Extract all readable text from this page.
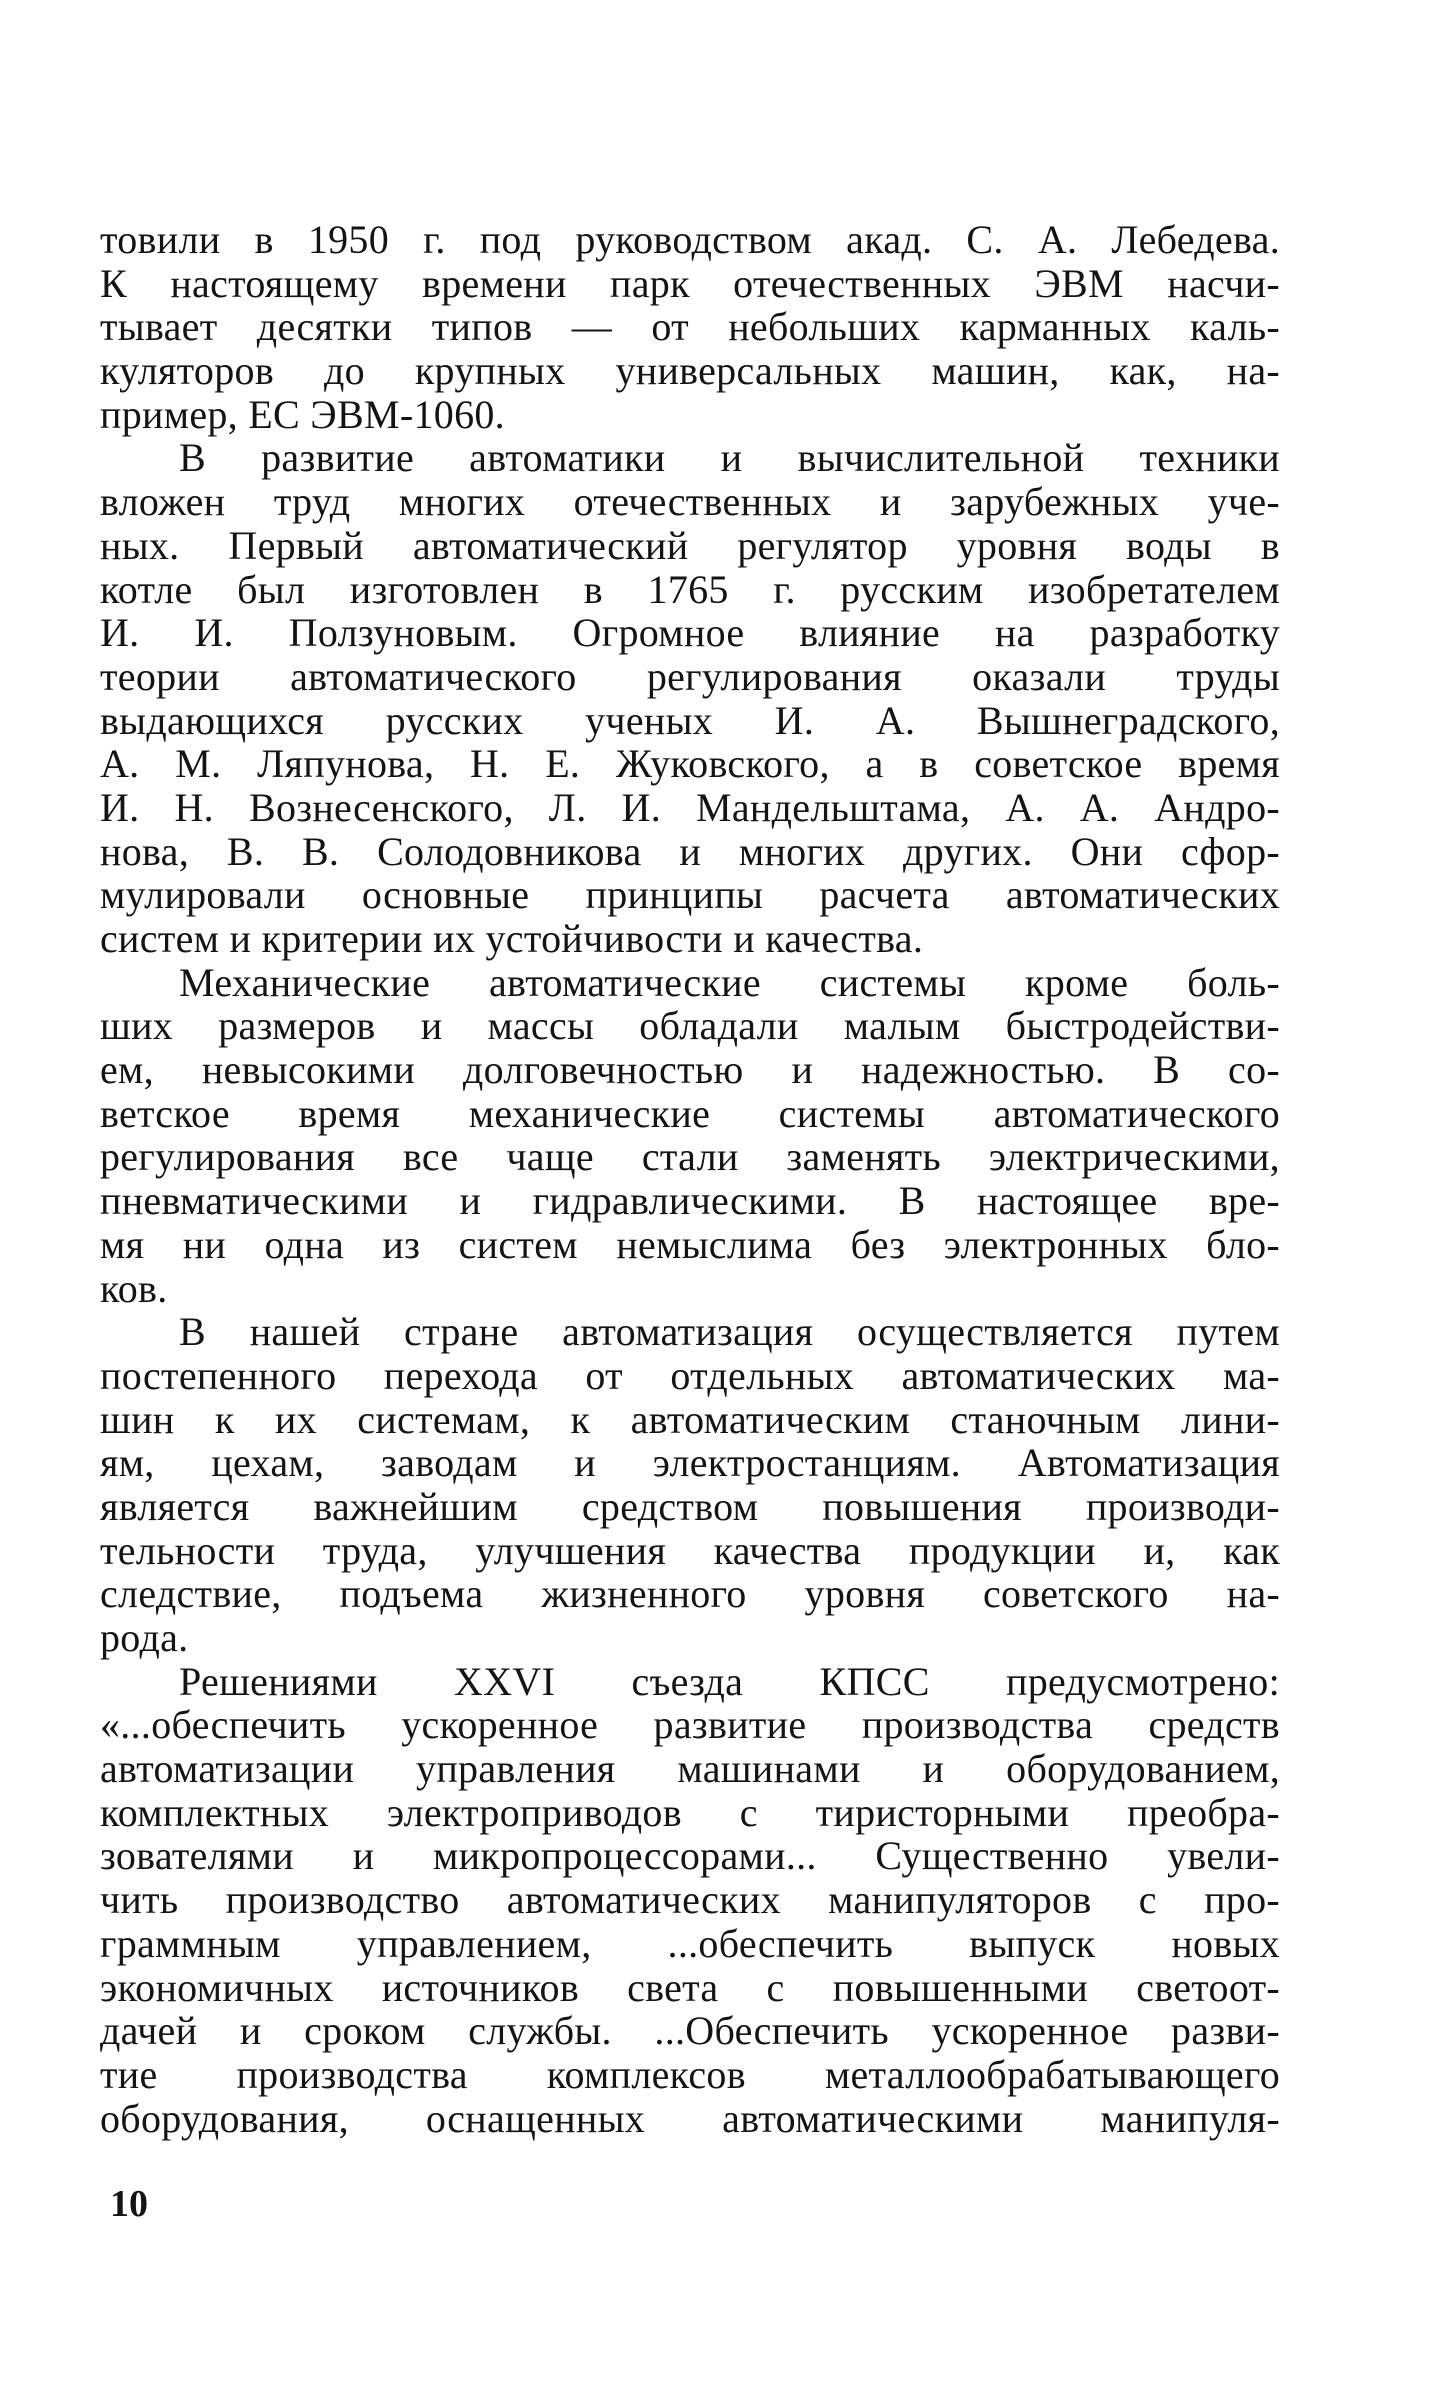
товили в 1950 г. под руководством акад. С. А. Лебедева.
К настоящему времени парк отечественных ЭВМ насчи-
тывает десятки типов — от небольших карманных каль-
куляторов до крупных универсальных машин, как, на-
пример, ЕС ЭВМ-1060.
В развитие автоматики и вычислительной техники
вложен труд многих отечественных и зарубежных уче-
ных. Первый автоматический регулятор уровня воды в
котле был изготовлен в 1765 г. русским изобретателем
И. И. Ползуновым. Огромное влияние на разработку
теории автоматического регулирования оказали труды
выдающихся русских ученых И. А. Вышнеградского,
А. М. Ляпунова, Н. Е. Жуковского, а в советское время
И. Н. Вознесенского, Л. И. Мандельштама, А. А. Андро-
нова, В. В. Солодовникова и многих других. Они сфор-
мулировали основные принципы расчета автоматических
систем и критерии их устойчивости и качества.
Механические автоматические системы кроме боль-
ших размеров и массы обладали малым быстродействи-
ем, невысокими долговечностью и надежностью. В со-
ветское время механические системы автоматического
регулирования все чаще стали заменять электрическими,
пневматическими и гидравлическими. В настоящее вре-
мя ни одна из систем немыслима без электронных бло-
ков.
В нашей стране автоматизация осуществляется путем
постепенного перехода от отдельных автоматических ма-
шин к их системам, к автоматическим станочным лини-
ям, цехам, заводам и электростанциям. Автоматизация
является важнейшим средством повышения производи-
тельности труда, улучшения качества продукции и, как
следствие, подъема жизненного уровня советского на-
рода.
Решениями XXVI съезда КПСС предусмотрено:
«...обеспечить ускоренное развитие производства средств
автоматизации управления машинами и оборудованием,
комплектных электроприводов с тиристорными преобра-
зователями и микропроцессорами... Существенно увели-
чить производство автоматических манипуляторов с про-
граммным управлением, ...обеспечить выпуск новых
экономичных источников света с повышенными светоот-
дачей и сроком службы. ...Обеспечить ускоренное разви-
тие производства комплексов металлообрабатывающего
оборудования, оснащенных автоматическими манипуля-
10
